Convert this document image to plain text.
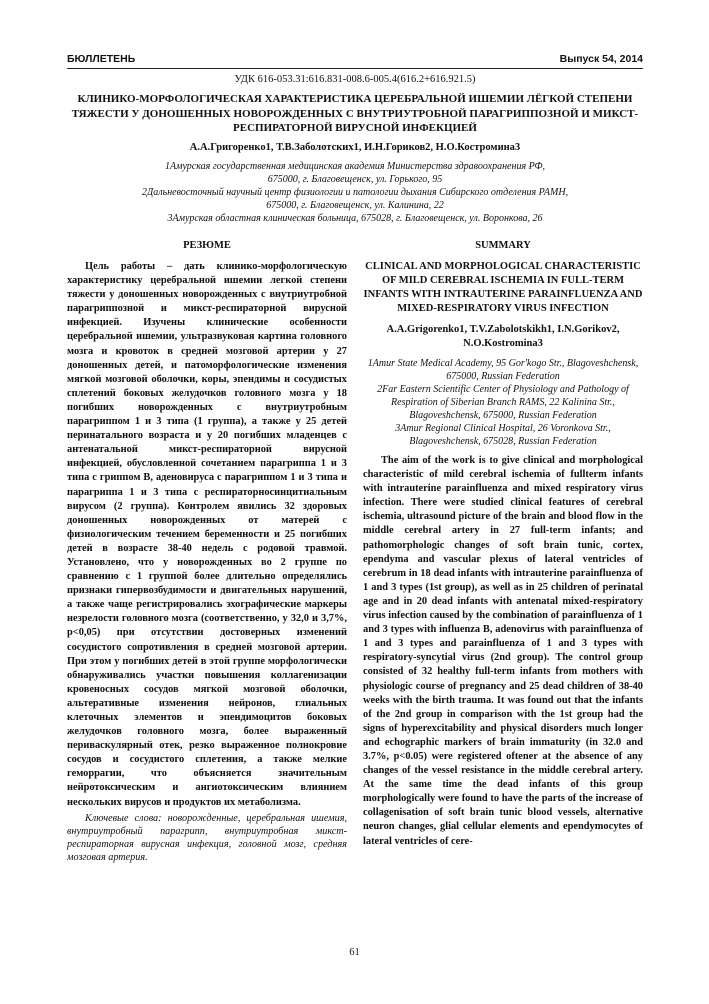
БЮЛЛЕТЕНЬ	Выпуск 54, 2014
УДК 616-053.31:616.831-008.6-005.4(616.2+616.921.5)
КЛИНИКО-МОРФОЛОГИЧЕСКАЯ ХАРАКТЕРИСТИКА ЦЕРЕБРАЛЬНОЙ ИШЕМИИ ЛЁГКОЙ СТЕПЕНИ ТЯЖЕСТИ У ДОНОШЕННЫХ НОВОРОЖДЕННЫХ С ВНУТРИУТРОБНОЙ ПАРАГРИППОЗНОЙ И МИКСТ-РЕСПИРАТОРНОЙ ВИРУСНОЙ ИНФЕКЦИЕЙ
А.А.Григоренко1, Т.В.Заболотских1, И.Н.Гориков2, Н.О.Костромина3
1Амурская государственная медицинская академия Министерства здравоохранения РФ,
675000, г. Благовещенск, ул. Горького, 95
2Дальневосточный научный центр физиологии и патологии дыхания Сибирского отделения РАМН,
675000, г. Благовещенск, ул. Калинина, 22
3Амурская областная клиническая больница, 675028, г. Благовещенск, ул. Воронкова, 26
РЕЗЮМЕ

Цель работы – дать клинико-морфологическую характеристику церебральной ишемии легкой степени тяжести у доношенных новорожденных с внутриутробной парагриппозной и микст-респираторной вирусной инфекцией. Изучены клинические особенности церебральной ишемии, ультразвуковая картина головного мозга и кровоток в средней мозговой артерии у 27 доношенных детей, и патоморфологические изменения мягкой мозговой оболочки, коры, эпендимы и сосудистых сплетений боковых желудочков головного мозга у 18 погибших новорожденных с внутриутробным парагриппом 1 и 3 типа (1 группа), а также у 25 детей перинатального возраста и у 20 погибших младенцев с антенатальной микст-респираторной вирусной инфекцией, обусловленной сочетанием парагриппа 1 и 3 типа с гриппом В, аденовируса с парагриппом 1 и 3 типа и парагриппа 1 и 3 типа с респираторносинцитиальным вирусом (2 группа). Контролем явились 32 здоровых доношенных новорожденных от матерей с физиологическим течением беременности и 25 погибших детей в возрасте 38-40 недель с родовой травмой. Установлено, что у новорожденных во 2 группе по сравнению с 1 группой более длительно определялись признаки гипервозбудимости и двигательных нарушений, а также чаще регистрировались эхографические маркеры незрелости головного мозга (соответственно, у 32,0 и 3,7%, p<0,05) при отсутствии достоверных изменений сосудистого сопротивления в средней мозговой артерии. При этом у погибших детей в этой группе морфологически обнаруживались участки повышения коллагенизации кровеносных сосудов мягкой мозговой оболочки, альтеративные изменения нейронов, глиальных клеточных элементов и эпендимоцитов боковых желудочков головного мозга, более выраженный периваскулярный отек, резко выраженное полнокровие сосудов и сосудистого сплетения, а также мелкие геморрагии, что объясняется значительным нейротоксическим и ангиотоксическим влиянием нескольких вирусов и продуктов их метаболизма.

Ключевые слова: новорожденные, церебральная ишемия, внутриутробный парагрипп, внутриутробная микст-респираторная вирусная инфекция, головной мозг, средняя мозговая артерия.

SUMMARY
CLINICAL AND MORPHOLOGICAL CHARACTERISTIC OF MILD CEREBRAL ISCHEMIA IN FULL-TERM INFANTS WITH INTRAUTERINE PARAINFLUENZA AND MIXED-RESPIRATORY VIRUS INFECTION
A.A.Grigorenko1, T.V.Zabolotskikh1, I.N.Gorikov2, N.O.Kostromina3
1Amur State Medical Academy, 95 Gor'kogo Str., Blagoveshchensk, 675000, Russian Federation
2Far Eastern Scientific Center of Physiology and Pathology of Respiration of Siberian Branch RAMS, 22 Kalinina Str., Blagoveshchensk, 675000, Russian Federation
3Amur Regional Clinical Hospital, 26 Voronkova Str., Blagoveshchensk, 675028, Russian Federation

The aim of the work is to give clinical and morphological characteristic of mild cerebral ischemia of fullterm infants with intrauterine parainfluenza and mixed respiratory virus infection. There were studied clinical features of cerebral ischemia, ultrasound picture of the brain and blood flow in the middle cerebral artery in 27 full-term infants; and pathomorphologic changes of soft brain tunic, cortex, ependyma and vascular plexus of lateral ventricles of cerebrum in 18 dead infants with intrauterine parainfluenza of 1 and 3 types (1st group), as well as in 25 children of perinatal age and in 20 dead infants with antenatal mixed-respiratory virus infection caused by the combination of parainfluenza of 1 and 3 types with influenza B, adenovirus with parainfluenza of 1 and 3 types and parainfluenza of 1 and 3 types with respiratory-syncytial virus (2nd group). The control group consisted of 32 healthy full-term infants from mothers with physiologic course of pregnancy and 25 dead children of 38-40 weeks with the birth trauma. It was found out that the infants of the 2nd group in comparison with the 1st group had the signs of hyperexcitability and physical disorders much longer and echographic markers of brain immaturity (in 32.0 and 3.7%, p<0.05) were registered oftener at the absence of any changes of the vessel resistance in the middle cerebral artery. At the same time the dead infants of this group morphologically were found to have the parts of the increase of collagenisation of soft brain tunic blood vessels, alternative neuron changes, glial cellular elements and ependymocytes of lateral ventricles of cere-

61
